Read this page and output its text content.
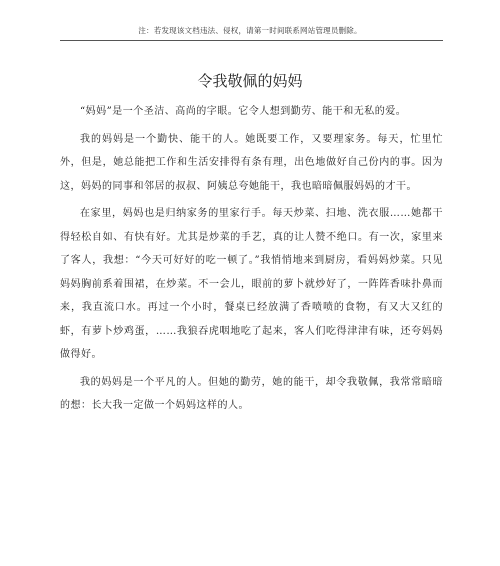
注：若发现该文档违法、侵权，请第一时间联系网站管理员删除。
令我敬佩的妈妈

“妈妈”是一个圣洁、高尚的字眼。它令人想到勤劳、能干和无私的爱。

我的妈妈是一个勤快、能干的人。她既要工作，又要理家务。每天，忙里忙外，但是，她总能把工作和生活安排得有条有理，出色地做好自己份内的事。因为这，妈妈的同事和邻居的叔叔、阿姨总夸她能干，我也暗暗佩服妈妈的才干。

在家里，妈妈也是归纳家务的里家行手。每天炒菜、扫地、洗衣服……她都干得轻松自如、有快有好。尤其是炒菜的手艺，真的让人赞不绝口。有一次，家里来了客人，我想：“今天可好好的吃一顿了。”我悄悄地来到厨房，看妈妈炒菜。只见妈妈胸前系着围裙，在炒菜。不一会儿，眼前的萝卜就炒好了，一阵阵香味扑鼻而来，我直流口水。再过一个小时，餐桌已经放满了香喷喷的食物，有又大又红的虾，有萝卜炒鸡蛋，……我狼吞虎咽地吃了起来，客人们吃得津津有味，还夸妈妈做得好。

我的妈妈是一个平凡的人。但她的勤劳，她的能干，却令我敬佩，我常常暗暗的想：长大我一定做一个妈妈这样的人。
